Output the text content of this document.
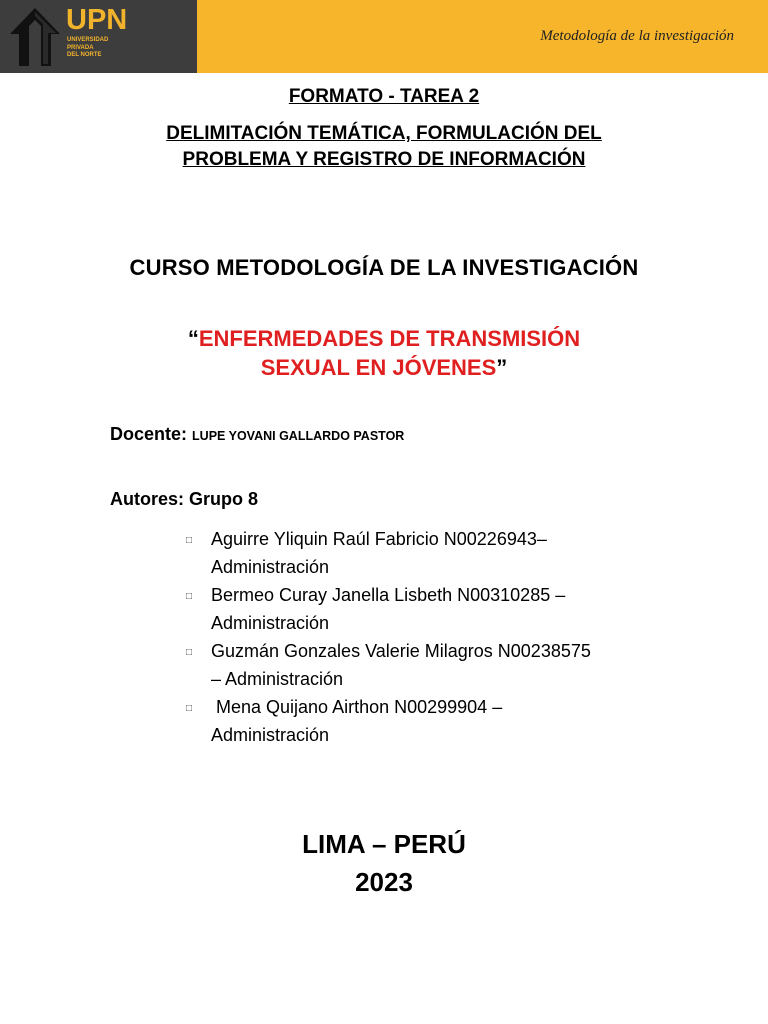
UPN
UNIVERSIDAD
PRIVADA
DEL NORTE
Metodología de la investigación
FORMATO - TAREA 2
DELIMITACIÓN TEMÁTICA, FORMULACIÓN DEL
PROBLEMA Y REGISTRO DE INFORMACIÓN
CURSO METODOLOGÍA DE LA INVESTIGACIÓN
“ENFERMEDADES DE TRANSMISIÓN
SEXUAL EN JÓVENES”
Docente: LUPE YOVANI GALLARDO PASTOR
Autores: Grupo 8
□ Aguirre Yliquin Raúl Fabricio N00226943–
Administración
□ Bermeo Curay Janella Lisbeth N00310285 –
Administración
□ Guzmán Gonzales Valerie Milagros N00238575
– Administración
□ Mena Quijano Airthon N00299904 –
Administración
LIMA – PERÚ
2023
